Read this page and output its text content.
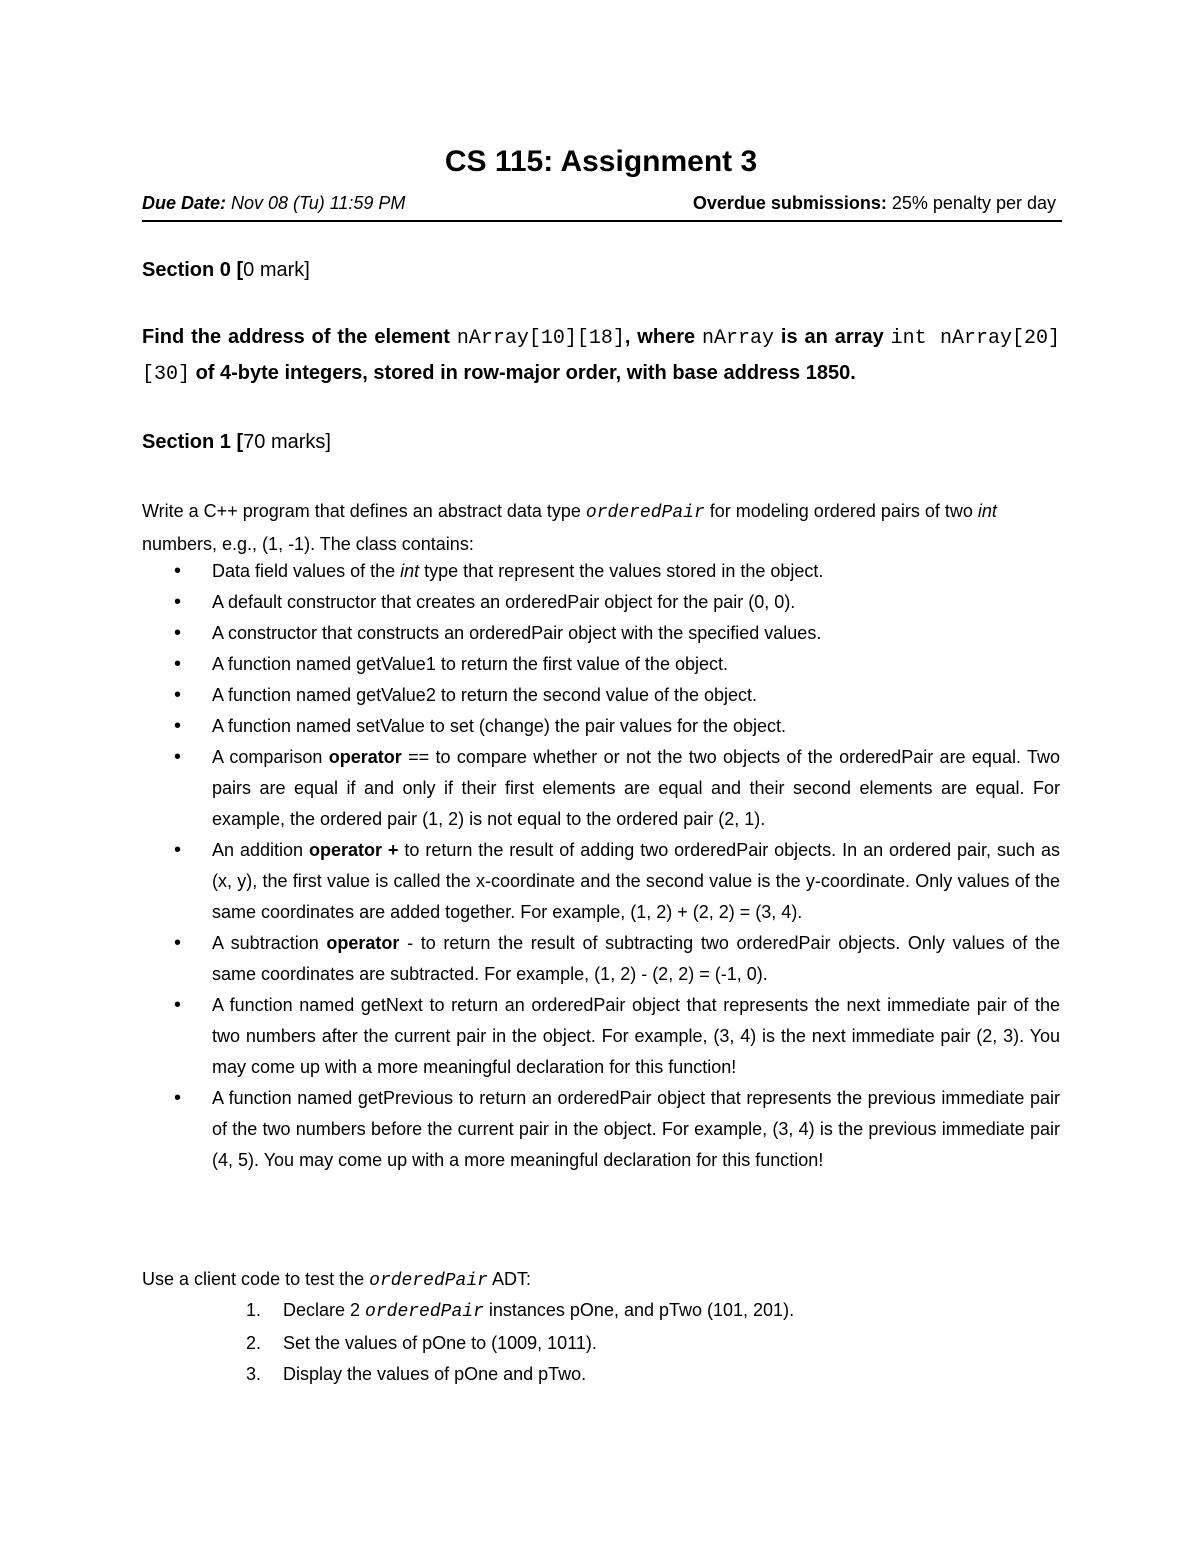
CS 115: Assignment 3
Due Date: Nov 08 (Tu) 11:59 PM	Overdue submissions: 25% penalty per day
Section 0 [0 mark]
Find the address of the element nArray[10][18], where nArray is an array int nArray[20][30] of 4-byte integers, stored in row-major order, with base address 1850.
Section 1 [70 marks]
Write a C++ program that defines an abstract data type orderedPair for modeling ordered pairs of two int numbers, e.g., (1, -1). The class contains:
• Data field values of the int type that represent the values stored in the object.
• A default constructor that creates an orderedPair object for the pair (0, 0).
• A constructor that constructs an orderedPair object with the specified values.
• A function named getValue1 to return the first value of the object.
• A function named getValue2 to return the second value of the object.
• A function named setValue to set (change) the pair values for the object.
• A comparison operator == to compare whether or not the two objects of the orderedPair are equal. Two pairs are equal if and only if their first elements are equal and their second elements are equal. For example, the ordered pair (1, 2) is not equal to the ordered pair (2, 1).
• An addition operator + to return the result of adding two orderedPair objects. In an ordered pair, such as (x, y), the first value is called the x-coordinate and the second value is the y-coordinate. Only values of the same coordinates are added together. For example, (1, 2) + (2, 2) = (3, 4).
• A subtraction operator - to return the result of subtracting two orderedPair objects. Only values of the same coordinates are subtracted. For example, (1, 2) - (2, 2) = (-1, 0).
• A function named getNext to return an orderedPair object that represents the next immediate pair of the two numbers after the current pair in the object. For example, (3, 4) is the next immediate pair (2, 3). You may come up with a more meaningful declaration for this function!
• A function named getPrevious to return an orderedPair object that represents the previous immediate pair of the two numbers before the current pair in the object. For example, (3, 4) is the previous immediate pair (4, 5). You may come up with a more meaningful declaration for this function!
Use a client code to test the orderedPair ADT:
1. Declare 2 orderedPair instances pOne, and pTwo (101, 201).
2. Set the values of pOne to (1009, 1011).
3. Display the values of pOne and pTwo.
